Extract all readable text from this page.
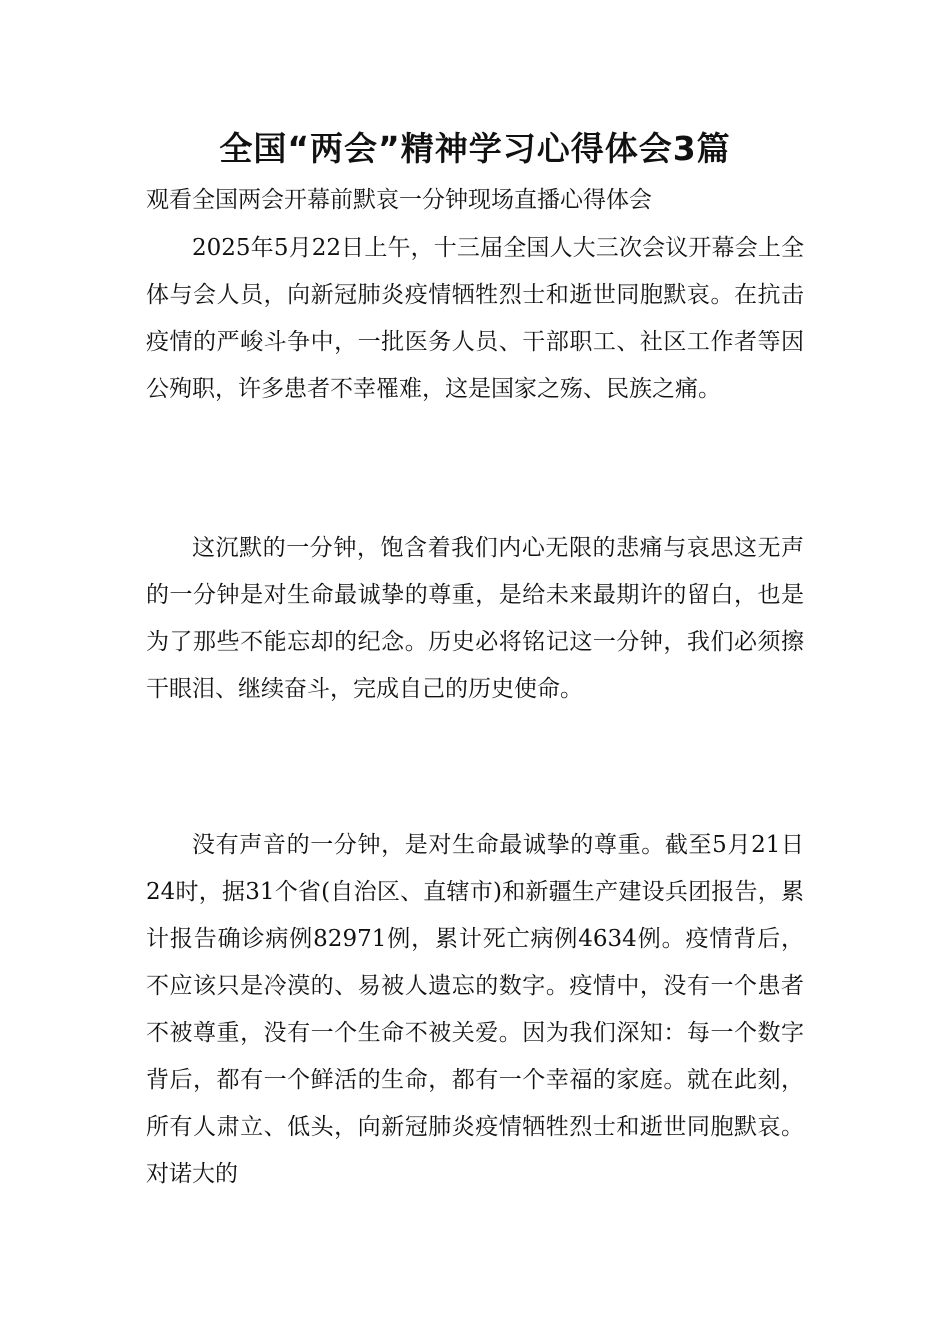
全国“两会”精神学习心得体会3篇

观看全国两会开幕前默哀一分钟现场直播心得体会

2025年5月22日上午，十三届全国人大三次会议开幕会上全体与会人员，向新冠肺炎疫情牺牲烈士和逝世同胞默哀。在抗击疫情的严峻斗争中，一批医务人员、干部职工、社区工作者等因公殉职，许多患者不幸罹难，这是国家之殇、民族之痛。

这沉默的一分钟，饱含着我们内心无限的悲痛与哀思这无声的一分钟是对生命最诚挚的尊重，是给未来最期许的留白，也是为了那些不能忘却的纪念。历史必将铭记这一分钟，我们必须擦干眼泪、继续奋斗，完成自己的历史使命。

没有声音的一分钟，是对生命最诚挚的尊重。截至5月21日24时，据31个省(自治区、直辖市)和新疆生产建设兵团报告，累计报告确诊病例82971例，累计死亡病例4634例。疫情背后，不应该只是冷漠的、易被人遗忘的数字。疫情中，没有一个患者不被尊重，没有一个生命不被关爱。因为我们深知：每一个数字背后，都有一个鲜活的生命，都有一个幸福的家庭。就在此刻，所有人肃立、低头，向新冠肺炎疫情牺牲烈士和逝世同胞默哀。对诺大的
